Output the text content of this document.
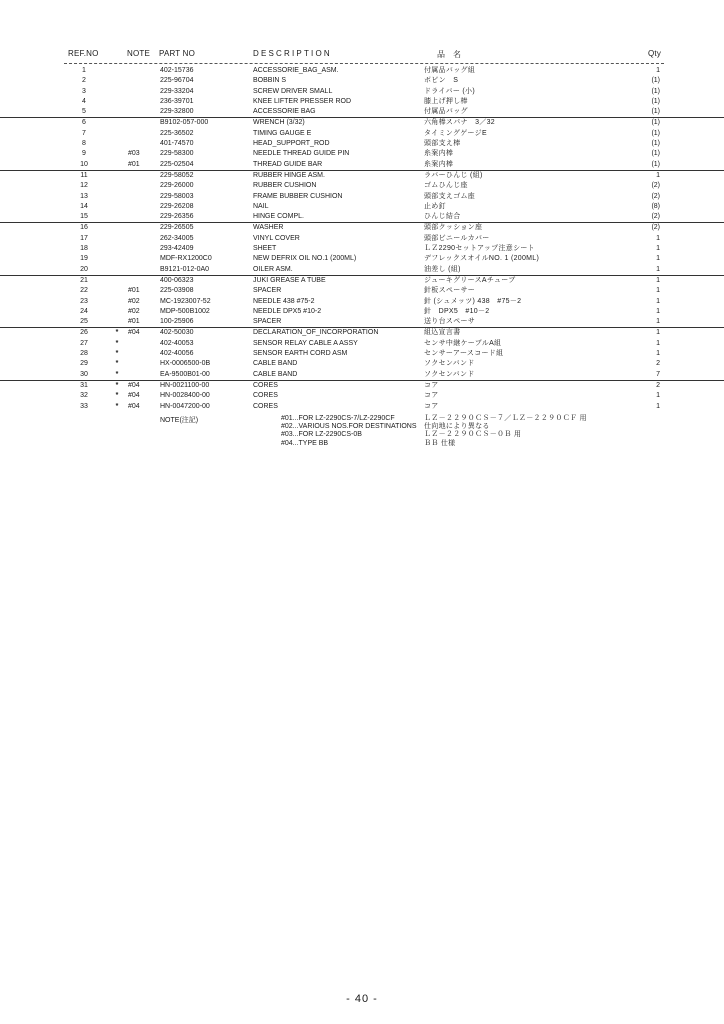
REF.NO	NOTE PART NO	DESCRIPTION	品　名	Qty
1	402-15736	ACCESSORIE_BAG_ASM.	付属品バッグ組	1
2	225-96704	BOBBIN S	ボビン　S	(1)
3	229-33204	SCREW DRIVER SMALL	ドライバー (小)	(1)
4	236-39701	KNEE LIFTER PRESSER ROD	膝上げ押し棒	(1)
5	229-32800	ACCESSORIE BAG	付属品バッグ	(1)
6	B9102-057-000	WRENCH (3/32)	六角棒スパナ　3／32	(1)
7	225-36502	TIMING GAUGE E	タイミングゲージE	(1)
8	401-74570	HEAD_SUPPORT_ROD	頭部支え棒	(1)
9	#03	229-58300	NEEDLE THREAD GUIDE PIN	糸案内棒	(1)
10	#01	225-02504	THREAD GUIDE BAR	糸案内棒	(1)
11	229-58052	RUBBER HINGE ASM.	ラバーひんじ (組)	1
12	229-26000	RUBBER CUSHION	ゴムひんじ座	(2)
13	229-58003	FRAME BUBBER CUSHION	頭部支えゴム座	(2)
14	229-26208	NAIL	止め釘	(8)
15	229-26356	HINGE COMPL.	ひんじ結合	(2)
16	229-26505	WASHER	頭部クッション座	(2)
17	262-34005	VINYL COVER	頭部ビニールカバー	1
18	293-42409	SHEET	ＬＺ2290セットアップ注意シート	1
19	MDF-RX1200C0	NEW DEFRIX OIL NO.1 (200ML)	デフレックスオイルNO. 1 (200ML)	1
20	B9121-012-0A0	OILER ASM.	油差し (組)	1
21	400-06323	JUKI GREASE A TUBE	ジューキグリースAチューブ	1
22	#01	225-03908	SPACER	針板スペーサー	1
23	#02	MC-1923007-52	NEEDLE 438 #75-2	針 (シュメッツ) 438　#75－2	1
24	#02	MDP-500B1002	NEEDLE DPX5 #10-2	針　DPX5　#10－2	1
25	#01	100-25906	SPACER	送り台スペーサ	1
26	*	#04	402-50030	DECLARATION_OF_INCORPORATION	組込宣言書	1
27	*	402-40053	SENSOR RELAY CABLE A ASSY	センサ中継ケーブルA組	1
28	*	402-40056	SENSOR EARTH CORD ASM	センサーアースコード組	1
29	*	HX-0006500-0B	CABLE BAND	ソクセンバンド	2
30	*	EA-9500B01-00	CABLE BAND	ソクセンバンド	7
31	*	#04	HN-0021100-00	CORES	コア	2
32	*	#04	HN-0028400-00	CORES	コア	1
33	*	#04	HN-0047200-00	CORES	コア	1
NOTE(注記)	#01...FOR LZ-2290CS-7/LZ-2290CF	ＬＺ－２２９０ＣＳ－７／ＬＺ－２２９０ＣＦ 用
#02...VARIOUS NOS.FOR DESTINATIONS 仕向地により異なる
#03...FOR LZ-2290CS-0B	ＬＺ－２２９０ＣＳ－０Ｂ 用
#04...TYPE BB	ＢＢ 仕様
- 40 -
